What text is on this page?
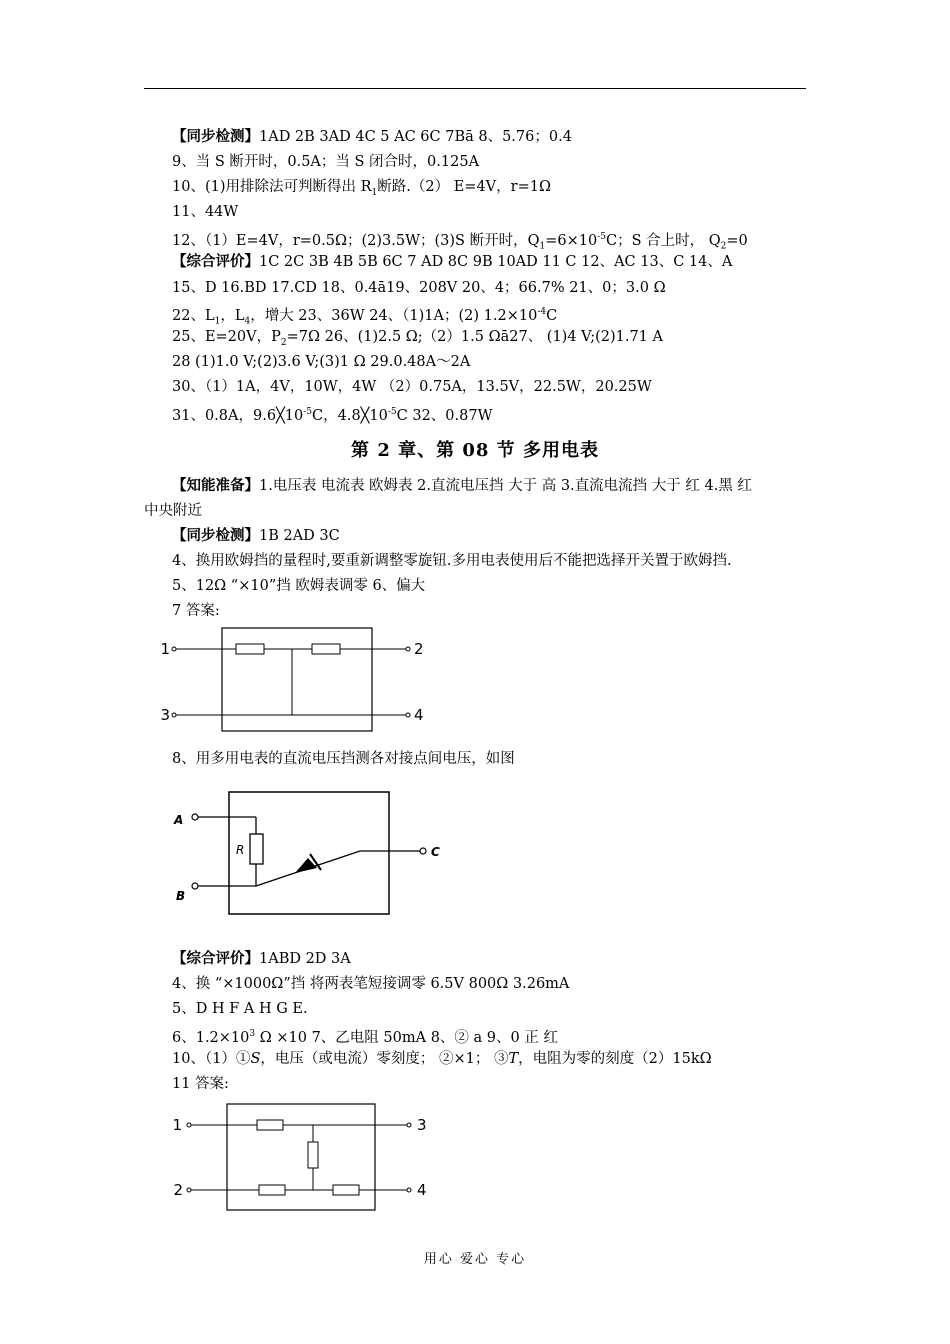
【同步检测】1AD 2B 3AD 4C 5 AC 6C 7Bā 8、5.76；0.4
9、当 S 断开时，0.5A；当 S 闭合时，0.125A
10、(1)用排除法可判断得出 $R_1$断路.（2） E=4V，r=1Ω
11、44W
12、（1）E=4V，r=0.5Ω；(2)3.5W；(3)S 断开时，$Q_1=6\times 10^{-5}C$；S 合上时， $Q_2=0$
【综合评价】1C 2C 3B 4B 5B 6C 7 AD 8C 9B 10AD 11 C 12、AC 13、C 14、A
15、D 16.BD 17.CD 18、0.4ā19、208V 20、4；66.7% 21、0；3.0 Ω
22、$L_1$，$L_4$，增大 23、36W 24、（1)1A；(2) $1.2\times 10^{-4}C$
25、E=20V，$P_2=7\Omega$ 26、(1)2.5 Ω;（2）1.5 Ωā27、 (1)4 V;(2)1.71 A
28 (1)1.0 V;(2)3.6 V;(3)1 Ω 29.0.48A～2A
30、（1）1A，4V，10W，4W （2）0.75A，13.5V，22.5W，20.25W
31、0.8A，$9.6╳10^{-5}C$，$4.8╳10^{-5}C$ 32、0.87W
第 2 章、第 08 节 多用电表
【知能准备】1.电压表 电流表 欧姆表 2.直流电压挡 大于 高 3.直流电流挡 大于 红 4.黑 红
中央附近
【同步检测】1B 2AD 3C
4、换用欧姆挡的量程时,要重新调整零旋钮.多用电表使用后不能把选择开关置于欧姆挡.
5、12Ω “×10”挡 欧姆表调零 6、偏大
7 答案:
1	2
3	4
8、用多用电表的直流电压挡测各对接点间电压，如图
A
B
C
R
【综合评价】1ABD 2D 3A
4、换 “×1000Ω”挡 将两表笔短接调零 6.5V 800Ω 3.26mA
5、D H F A H G E.
6、$1.2\times 10^3$ Ω ×10 7、乙电阻 50mA 8、② a 9、0 正 红
10、（1）①S，电压（或电流）零刻度； ②×1； ③T，电阻为零的刻度（2）15kΩ
11 答案:
1	3
2	4
用心 爱心 专心
